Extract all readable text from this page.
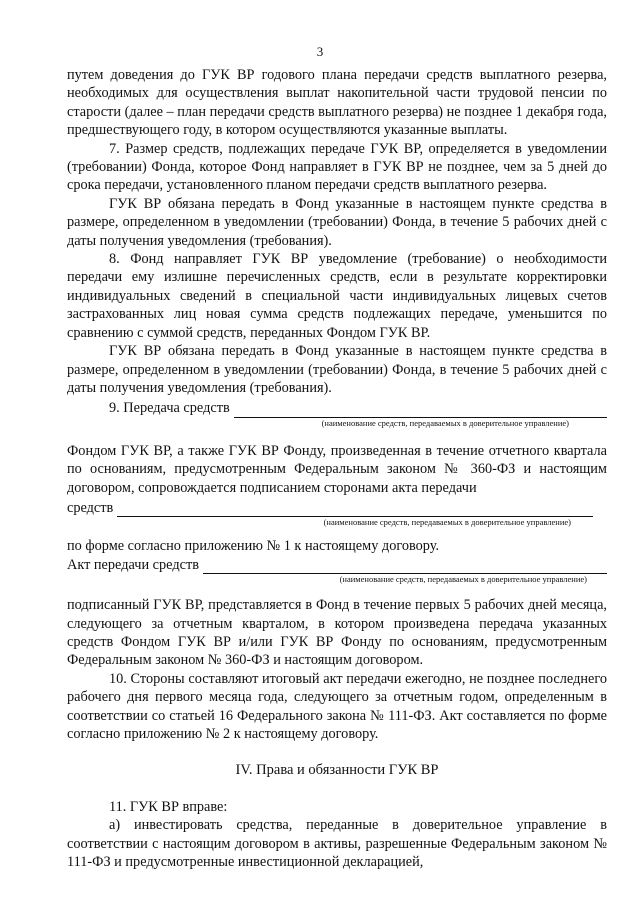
3

путем доведения до ГУК ВР годового плана передачи средств выплатного резерва, необходимых для осуществления выплат накопительной части трудовой пенсии по старости (далее – план передачи средств выплатного резерва) не позднее 1 декабря года, предшествующего году, в котором осуществляются указанные выплаты.

7. Размер средств, подлежащих передаче ГУК ВР, определяется в уведомлении (требовании) Фонда, которое Фонд направляет в ГУК ВР не позднее, чем за 5 дней до срока передачи, установленного планом передачи средств выплатного резерва.

ГУК ВР обязана передать в Фонд указанные в настоящем пункте средства в размере, определенном в уведомлении (требовании) Фонда, в течение 5 рабочих дней с даты получения уведомления (требования).

8. Фонд направляет ГУК ВР уведомление (требование) о необходимости передачи ему излишне перечисленных средств, если в результате корректировки индивидуальных сведений в специальной части индивидуальных лицевых счетов застрахованных лиц новая сумма средств подлежащих передаче, уменьшится по сравнению с суммой средств, переданных Фондом ГУК ВР.

ГУК ВР обязана передать в Фонд указанные в настоящем пункте средства в размере, определенном в уведомлении (требовании) Фонда, в течение 5 рабочих дней с даты получения уведомления (требования).

9. Передача средств
(наименование средств, передаваемых в доверительное управление)

Фондом ГУК ВР, а также ГУК ВР Фонду, произведенная в течение отчетного квартала по основаниям, предусмотренным Федеральным законом № 360-ФЗ и настоящим договором, сопровождается подписанием сторонами акта передачи

средств
(наименование средств, передаваемых в доверительное управление)

по форме согласно приложению № 1 к настоящему договору.

Акт передачи средств
(наименование средств, передаваемых в доверительное управление)

подписанный ГУК ВР, представляется в Фонд в течение первых 5 рабочих дней месяца, следующего за отчетным кварталом, в котором произведена передача указанных средств Фондом ГУК ВР и/или ГУК ВР Фонду по основаниям, предусмотренным Федеральным законом № 360-ФЗ и настоящим договором.

10. Стороны составляют итоговый акт передачи ежегодно, не позднее последнего рабочего дня первого месяца года, следующего за отчетным годом, определенным в соответствии со статьей 16 Федерального закона № 111-ФЗ. Акт составляется по форме согласно приложению № 2 к настоящему договору.

IV. Права и обязанности ГУК ВР

11. ГУК ВР вправе:

а) инвестировать средства, переданные в доверительное управление в соответствии с настоящим договором в активы, разрешенные Федеральным законом № 111-ФЗ и предусмотренные инвестиционной декларацией,
